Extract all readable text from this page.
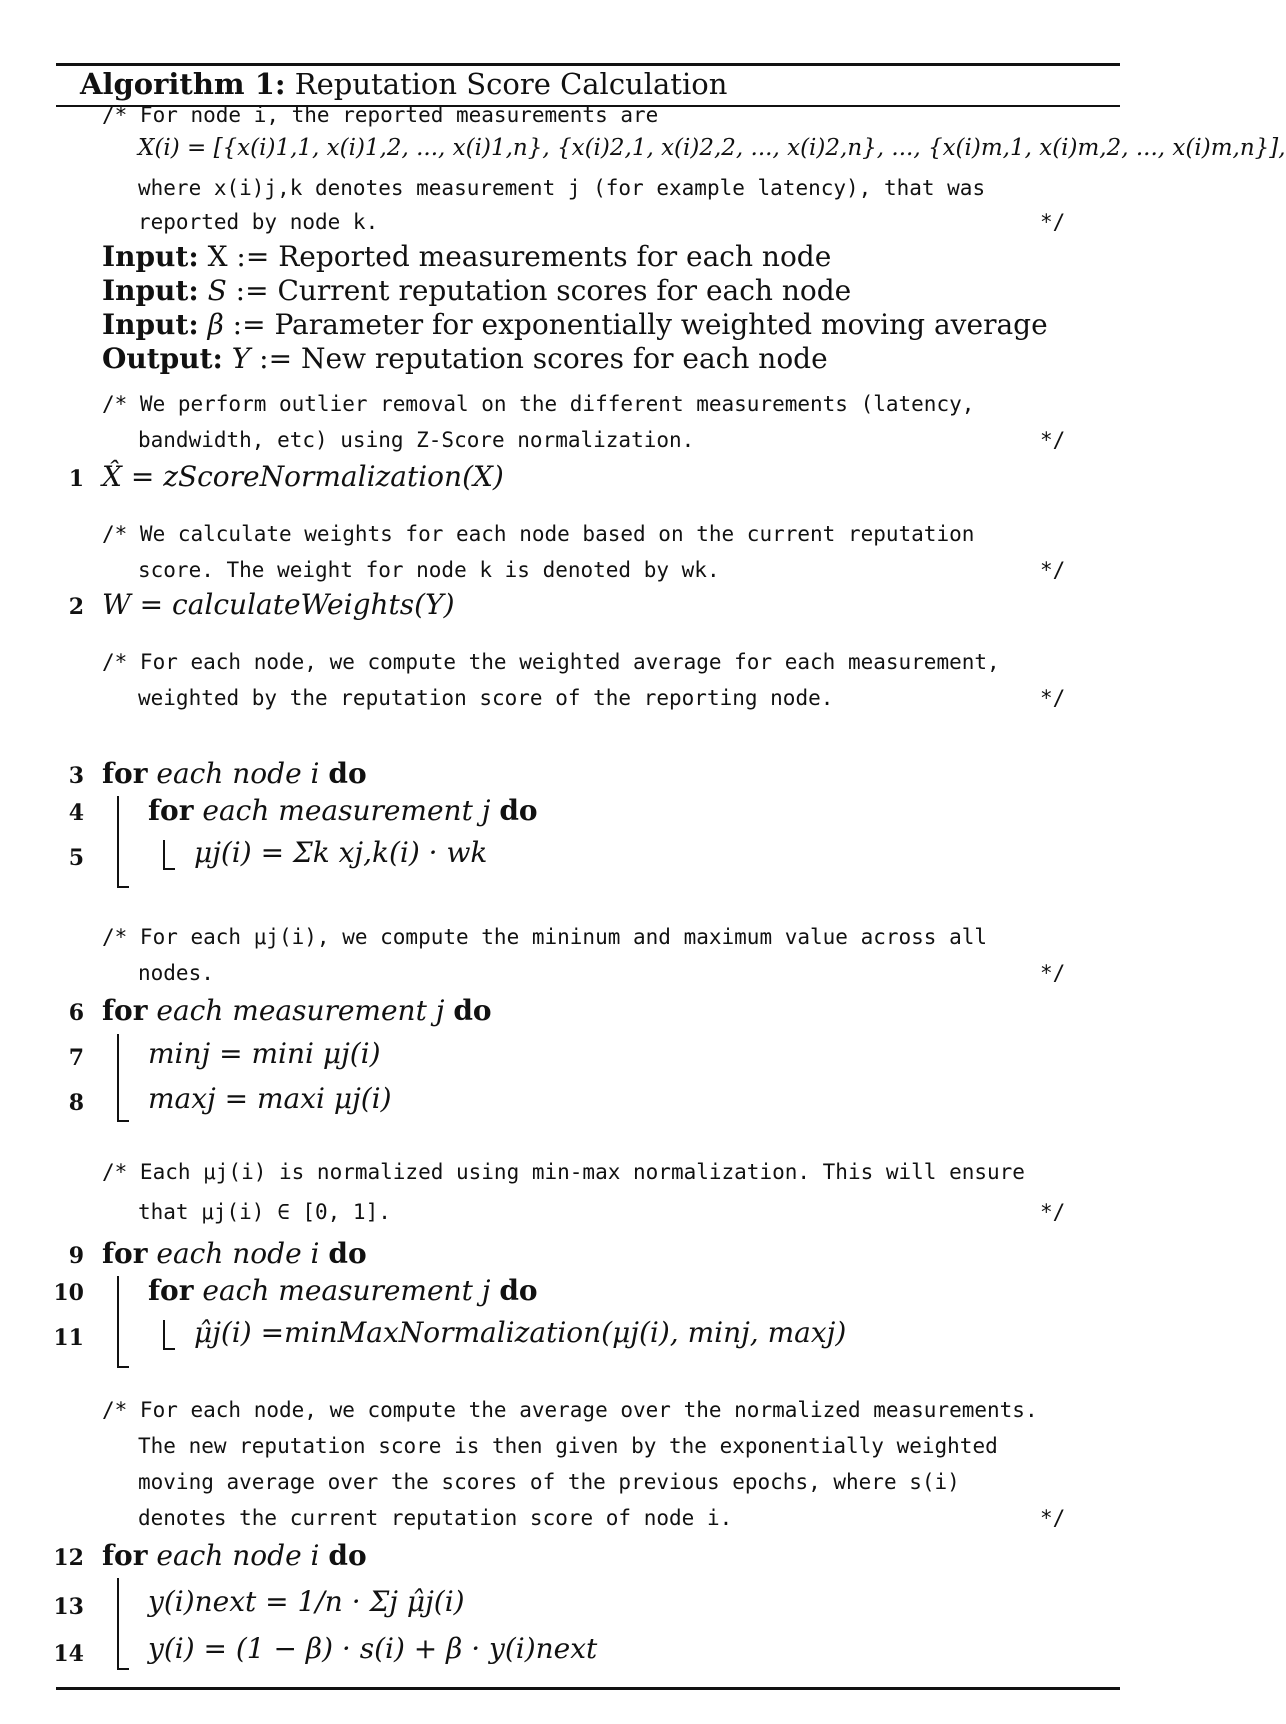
Algorithm 1: Reputation Score Calculation
/* For node i, the reported measurements are
X(i) = [{x(i)1,1, x(i)1,2, ..., x(i)1,n}, {x(i)2,1, x(i)2,2, ..., x(i)2,n}, ..., {x(i)m,1, x(i)m,2, ..., x(i)m,n}],
where x(i)j,k denotes measurement j (for example latency), that was
reported by node k.	*/
Input: X := Reported measurements for each node
Input: S := Current reputation scores for each node
Input: β := Parameter for exponentially weighted moving average
Output: Y := New reputation scores for each node
/* We perform outlier removal on the different measurements (latency,
bandwidth, etc) using Z-Score normalization.	*/
1 X̂ = zScoreNormalization(X)
/* We calculate weights for each node based on the current reputation
score. The weight for node k is denoted by wk.	*/
2 W = calculateWeights(Y)
/* For each node, we compute the weighted average for each measurement,
weighted by the reputation score of the reporting node.	*/
3 for each node i do
4 for each measurement j do
5	μj(i) = Σk xj,k(i) · wk
/* For each μj(i), we compute the mininum and maximum value across all
nodes.	*/
6 for each measurement j do
7 minj = mini μj(i)
8 maxj = maxi μj(i)
/* Each μj(i) is normalized using min-max normalization. This will ensure
that μj(i) ∈ [0, 1].	*/
9 for each node i do
10 for each measurement j do
11	μ̂j(i) =minMaxNormalization(μj(i), minj, maxj)
/* For each node, we compute the average over the normalized measurements.
The new reputation score is then given by the exponentially weighted
moving average over the scores of the previous epochs, where s(i)
denotes the current reputation score of node i.	*/
12 for each node i do
13 y(i)next = 1/n · Σj μ̂j(i)
14 y(i) = (1 − β) · s(i) + β · y(i)next
